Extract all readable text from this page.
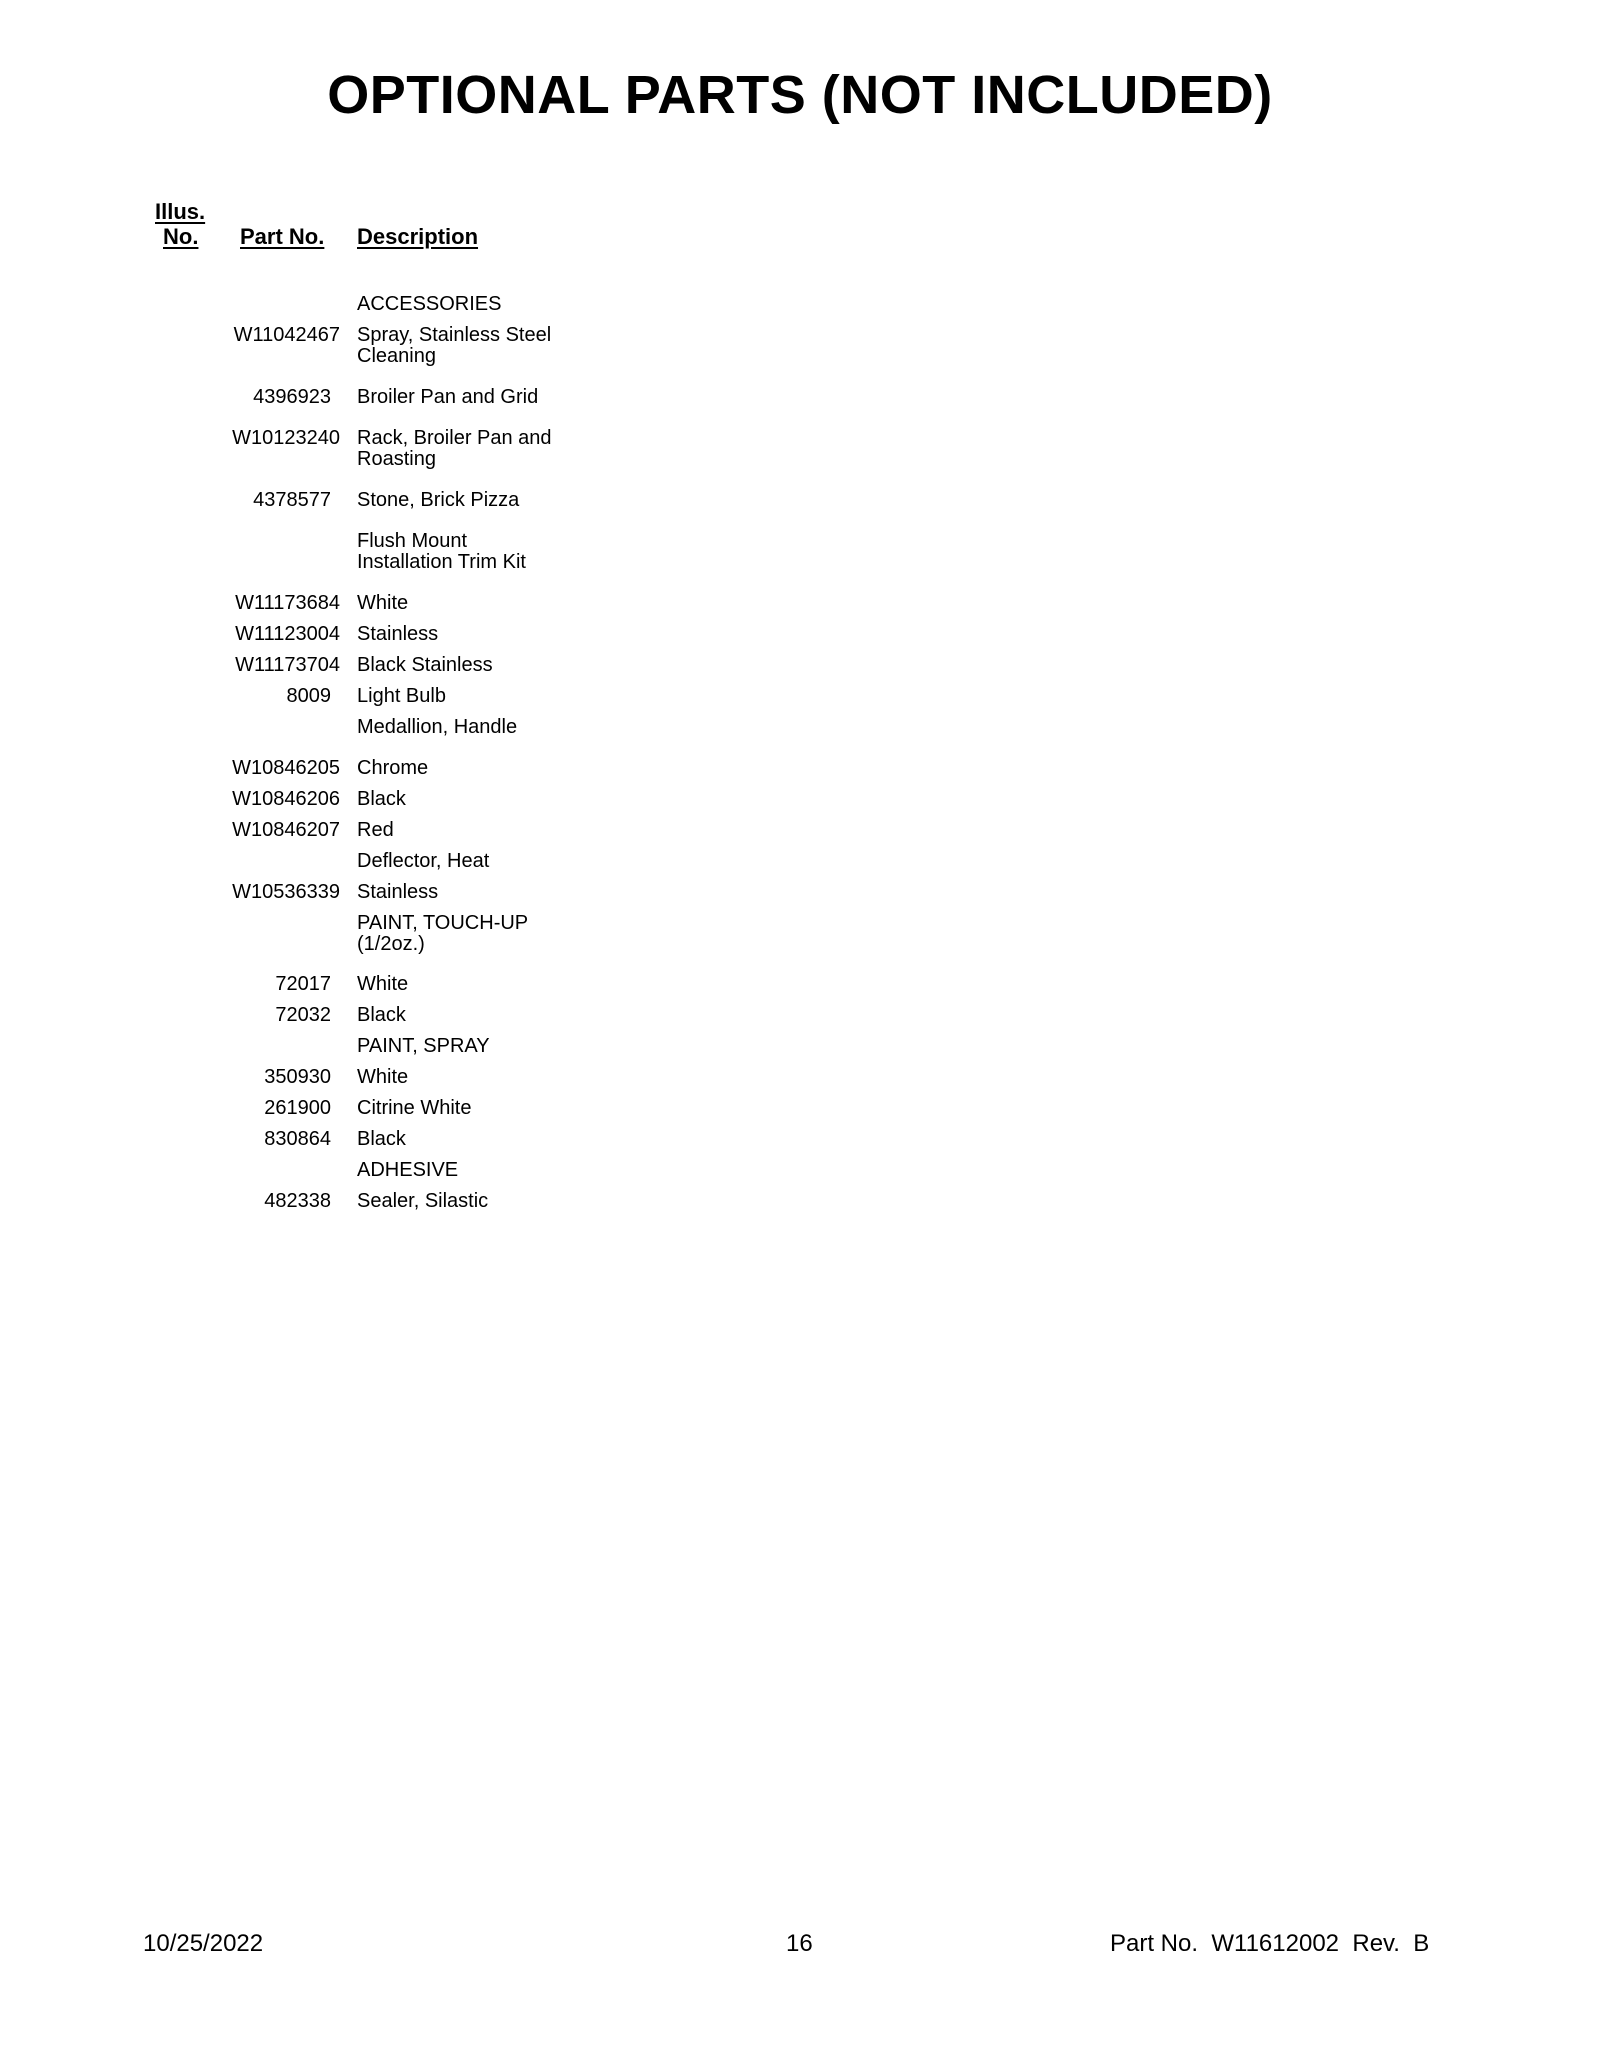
OPTIONAL PARTS (NOT INCLUDED)
Illus.
No. Part No. Description
ACCESSORIES
W11042467 Spray, Stainless Steel Cleaning
4396923 Broiler Pan and Grid
W10123240 Rack, Broiler Pan and Roasting
4378577 Stone, Brick Pizza
Flush Mount Installation Trim Kit
W11173684 White
W11123004 Stainless
W11173704 Black Stainless
8009 Light Bulb
Medallion, Handle
W10846205 Chrome
W10846206 Black
W10846207 Red
Deflector, Heat
W10536339 Stainless
PAINT, TOUCH-UP (1/2oz.)
72017 White
72032 Black
PAINT, SPRAY
350930 White
261900 Citrine White
830864 Black
ADHESIVE
482338 Sealer, Silastic
10/25/2022	16	Part No.  W11612002  Rev.  B
